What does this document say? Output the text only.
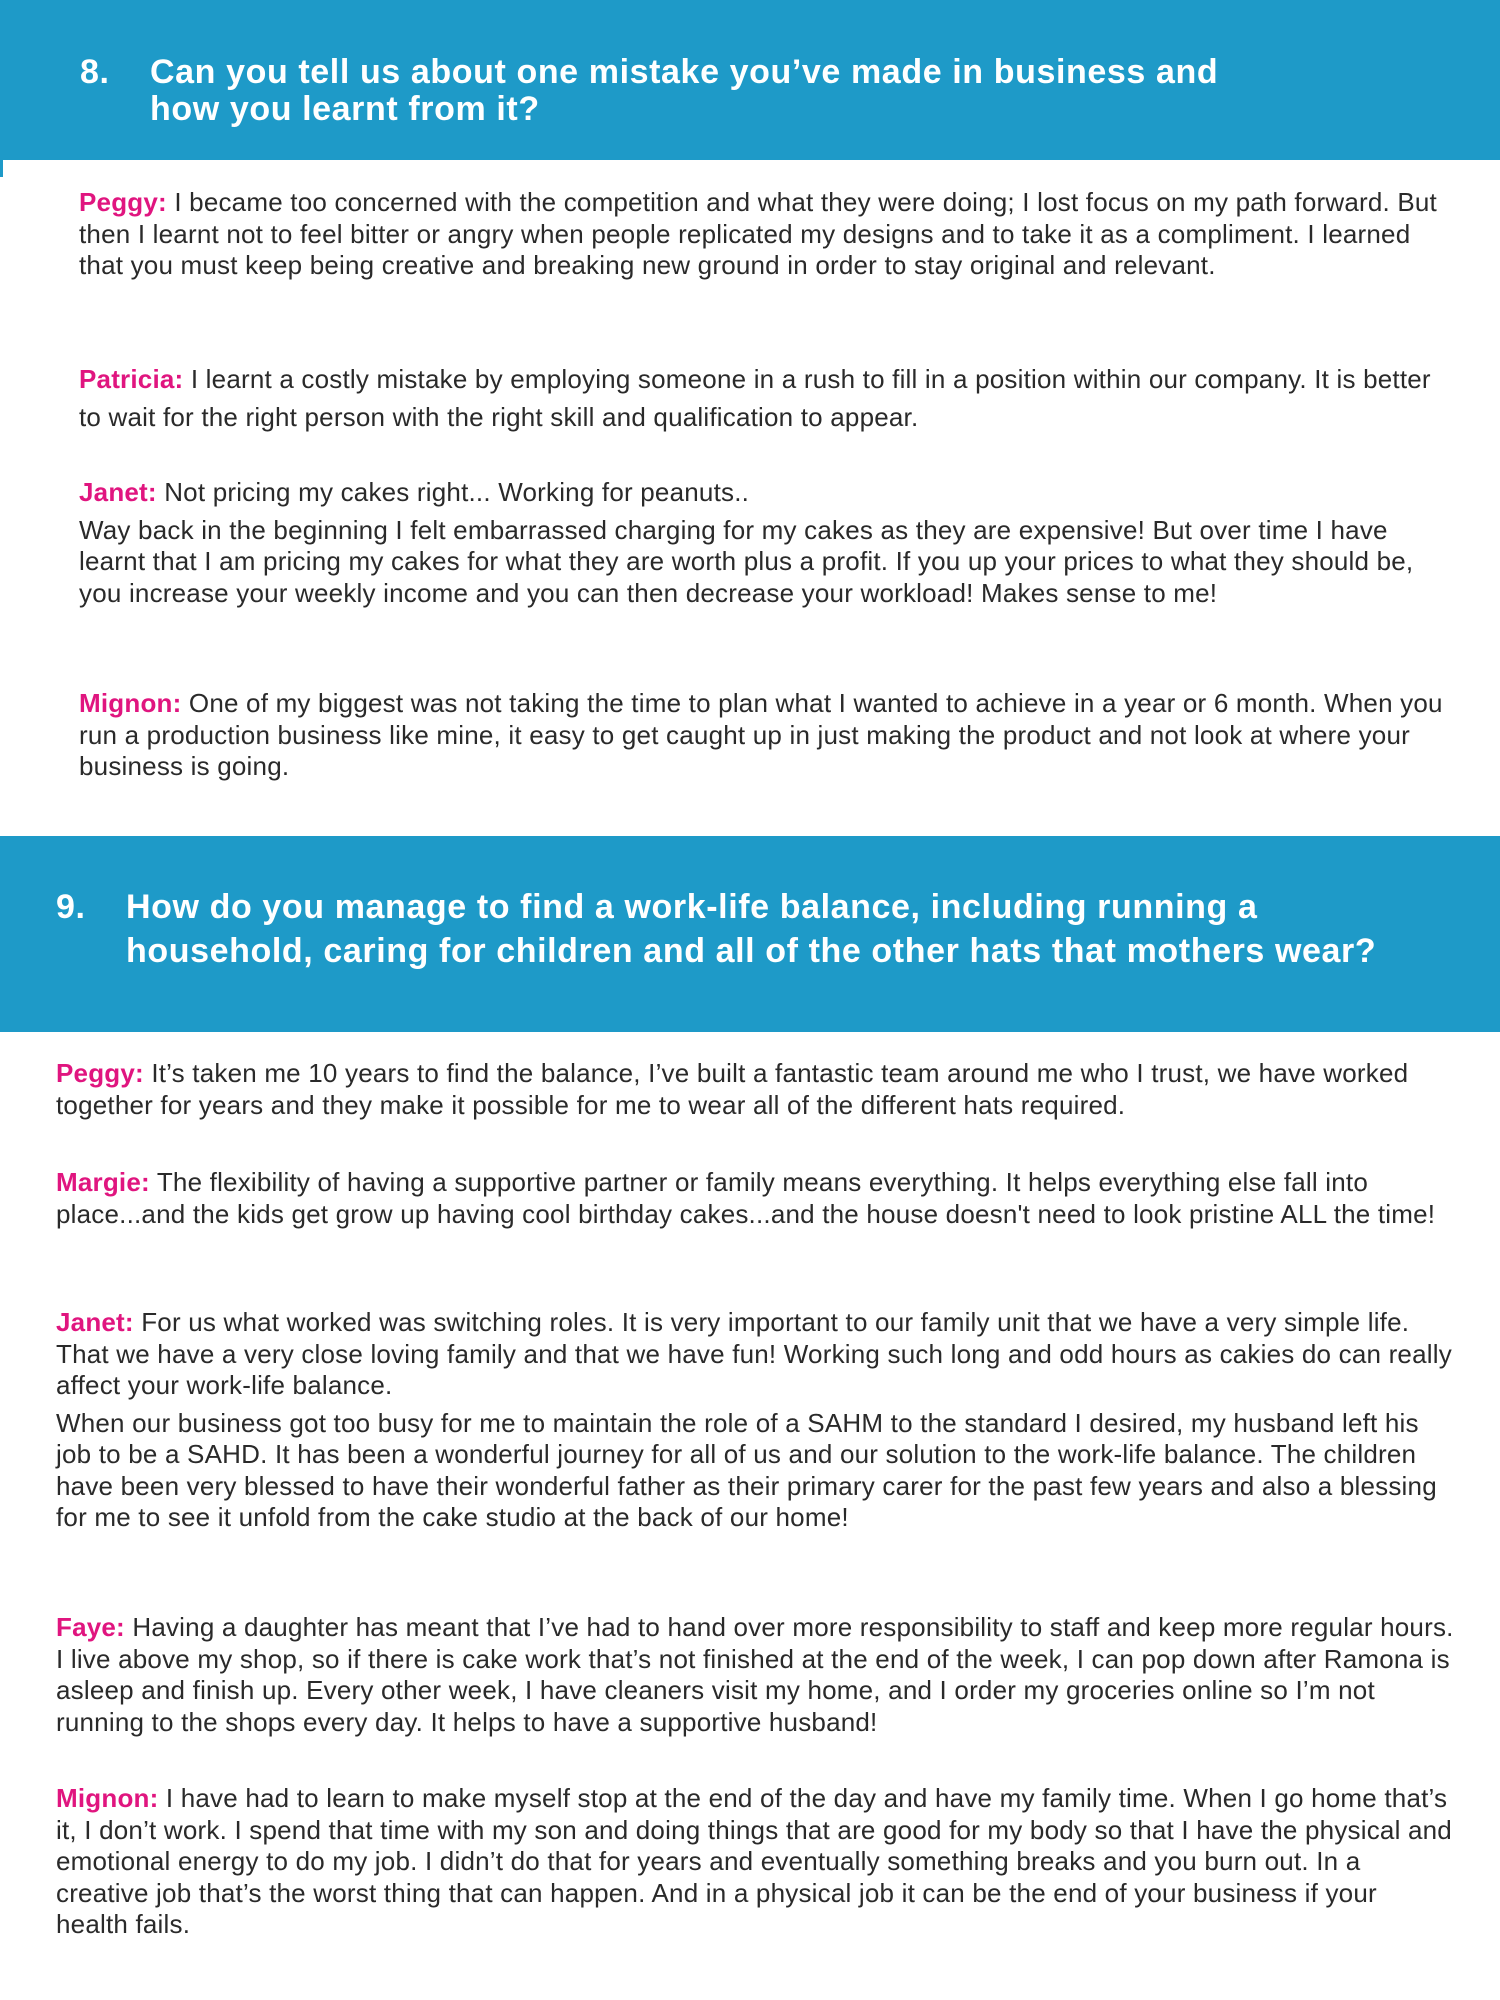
8. Can you tell us about one mistake you’ve made in business and how you learnt from it?

Peggy: I became too concerned with the competition and what they were doing; I lost focus on my path forward. But then I learnt not to feel bitter or angry when people replicated my designs and to take it as a compliment. I learned that you must keep being creative and breaking new ground in order to stay original and relevant.

Patricia: I learnt a costly mistake by employing someone in a rush to fill in a position within our company. It is better to wait for the right person with the right skill and qualification to appear.

Janet: Not pricing my cakes right... Working for peanuts..

Way back in the beginning I felt embarrassed charging for my cakes as they are expensive! But over time I have learnt that I am pricing my cakes for what they are worth plus a profit. If you up your prices to what they should be, you increase your weekly income and you can then decrease your workload! Makes sense to me!

Mignon: One of my biggest was not taking the time to plan what I wanted to achieve in a year or 6 month. When you run a production business like mine, it easy to get caught up in just making the product and not look at where your business is going.

9. How do you manage to find a work-life balance, including running a household, caring for children and all of the other hats that mothers wear?

Peggy: It’s taken me 10 years to find the balance, I’ve built a fantastic team around me who I trust, we have worked together for years and they make it possible for me to wear all of the different hats required.

Margie: The flexibility of having a supportive partner or family means everything. It helps everything else fall into place...and the kids get grow up having cool birthday cakes...and the house doesn't need to look pristine ALL the time!

Janet: For us what worked was switching roles. It is very important to our family unit that we have a very simple life. That we have a very close loving family and that we have fun! Working such long and odd hours as cakies do can really affect your work-life balance.

When our business got too busy for me to maintain the role of a SAHM to the standard I desired, my husband left his job to be a SAHD. It has been a wonderful journey for all of us and our solution to the work-life balance. The children have been very blessed to have their wonderful father as their primary carer for the past few years and also a blessing for me to see it unfold from the cake studio at the back of our home!

Faye: Having a daughter has meant that I’ve had to hand over more responsibility to staff and keep more regular hours. I live above my shop, so if there is cake work that’s not finished at the end of the week, I can pop down after Ramona is asleep and finish up. Every other week, I have cleaners visit my home, and I order my groceries online so I’m not running to the shops every day. It helps to have a supportive husband!

Mignon: I have had to learn to make myself stop at the end of the day and have my family time. When I go home that’s it, I don’t work. I spend that time with my son and doing things that are good for my body so that I have the physical and emotional energy to do my job. I didn’t do that for years and eventually something breaks and you burn out. In a creative job that’s the worst thing that can happen. And in a physical job it can be the end of your business if your health fails.
